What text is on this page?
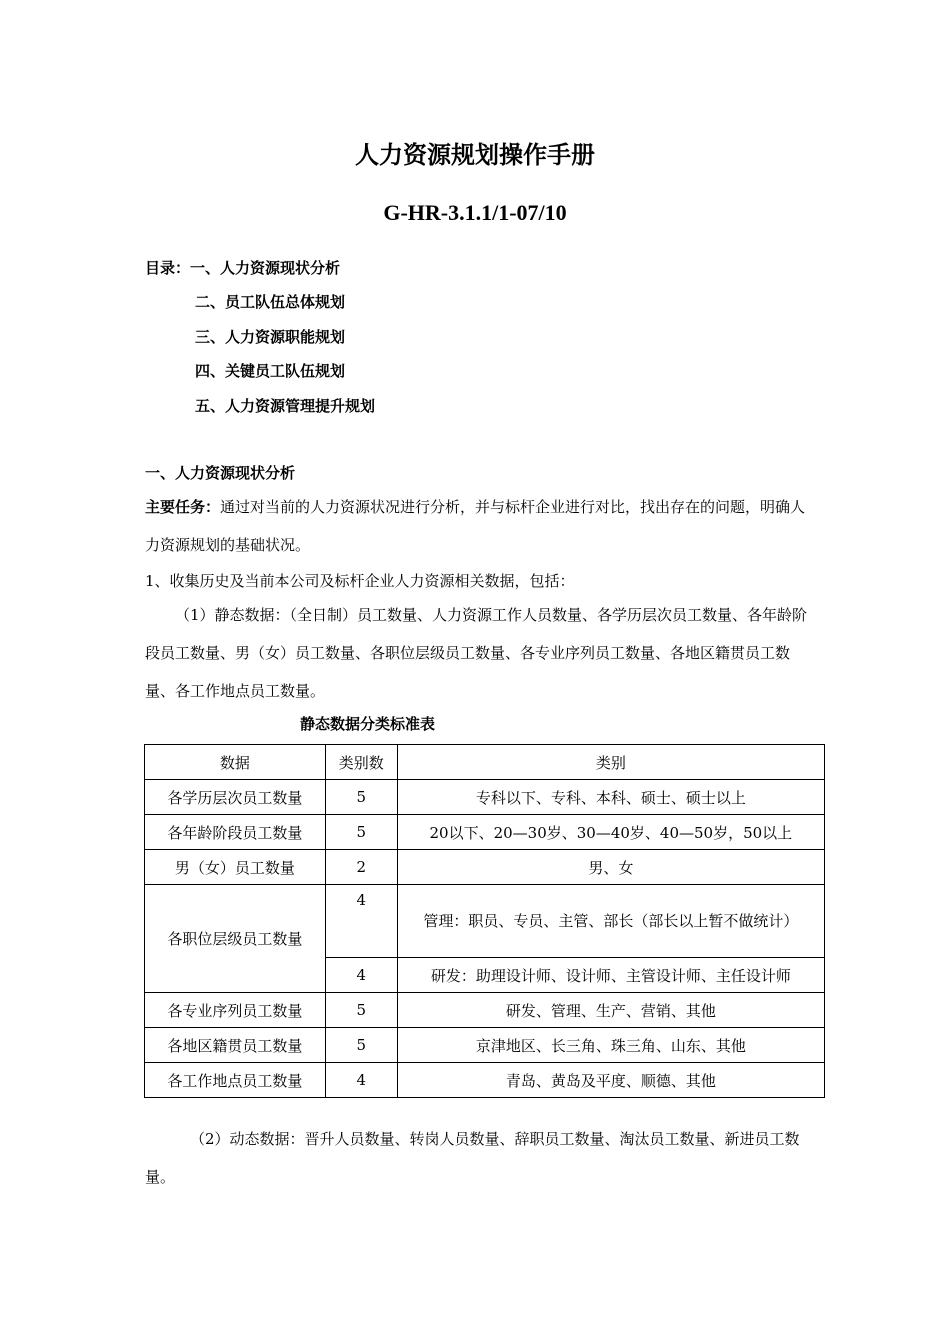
人力资源规划操作手册
G-HR-3.1.1/1-07/10
目录：一、人力资源现状分析
二、员工队伍总体规划
三、人力资源职能规划
四、关键员工队伍规划
五、人力资源管理提升规划
一、人力资源现状分析
主要任务：通过对当前的人力资源状况进行分析，并与标杆企业进行对比，找出存在的问题，明确人力资源规划的基础状况。
1、收集历史及当前本公司及标杆企业人力资源相关数据，包括：
（1）静态数据：（全日制）员工数量、人力资源工作人员数量、各学历层次员工数量、各年龄阶段员工数量、男（女）员工数量、各职位层级员工数量、各专业序列员工数量、各地区籍贯员工数量、各工作地点员工数量。
静态数据分类标准表
数据	类别数	类别
各学历层次员工数量	5	专科以下、专科、本科、硕士、硕士以上
各年龄阶段员工数量	5	20以下、20—30岁、30—40岁、40—50岁，50以上
男（女）员工数量	2	男、女
各职位层级员工数量	4	管理：职员、专员、主管、部长（部长以上暂不做统计）
	4	研发：助理设计师、设计师、主管设计师、主任设计师
各专业序列员工数量	5	研发、管理、生产、营销、其他
各地区籍贯员工数量	5	京津地区、长三角、珠三角、山东、其他
各工作地点员工数量	4	青岛、黄岛及平度、顺德、其他
（2）动态数据：晋升人员数量、转岗人员数量、辞职员工数量、淘汰员工数量、新进员工数量。
